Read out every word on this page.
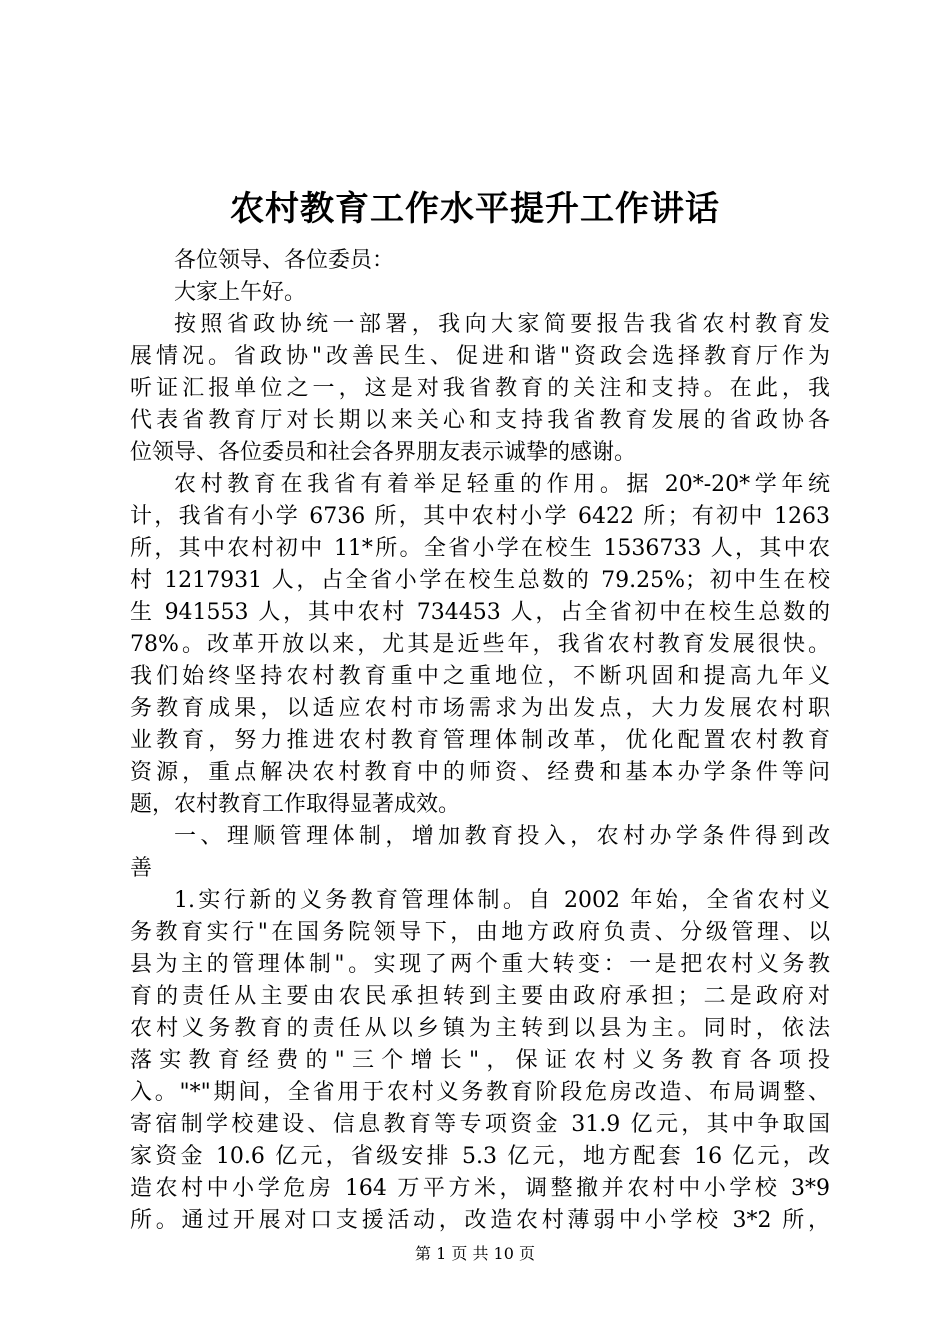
农村教育工作水平提升工作讲话
各位领导、各位委员：
大家上午好。
按照省政协统一部署，我向大家简要报告我省农村教育发
展情况。省政协"改善民生、促进和谐"资政会选择教育厅作为
听证汇报单位之一，这是对我省教育的关注和支持。在此，我
代表省教育厅对长期以来关心和支持我省教育发展的省政协各
位领导、各位委员和社会各界朋友表示诚挚的感谢。
农村教育在我省有着举足轻重的作用。据 20*-20*学年统
计，我省有小学 6736 所，其中农村小学 6422 所；有初中 1263
所，其中农村初中 11*所。全省小学在校生 1536733 人，其中农
村 1217931 人，占全省小学在校生总数的 79.25%；初中生在校
生 941553 人，其中农村 734453 人，占全省初中在校生总数的
78%。改革开放以来，尤其是近些年，我省农村教育发展很快。
我们始终坚持农村教育重中之重地位，不断巩固和提高九年义
务教育成果，以适应农村市场需求为出发点，大力发展农村职
业教育，努力推进农村教育管理体制改革，优化配置农村教育
资源，重点解决农村教育中的师资、经费和基本办学条件等问
题，农村教育工作取得显著成效。
一、理顺管理体制，增加教育投入，农村办学条件得到改
善
1.实行新的义务教育管理体制。自 2002 年始，全省农村义
务教育实行"在国务院领导下，由地方政府负责、分级管理、以
县为主的管理体制"。实现了两个重大转变：一是把农村义务教
育的责任从主要由农民承担转到主要由政府承担；二是政府对
农村义务教育的责任从以乡镇为主转到以县为主。同时，依法
落实教育经费的"三个增长"，保证农村义务教育各项投
入。"*"期间，全省用于农村义务教育阶段危房改造、布局调整、
寄宿制学校建设、信息教育等专项资金 31.9 亿元，其中争取国
家资金 10.6 亿元，省级安排 5.3 亿元，地方配套 16 亿元，改
造农村中小学危房 164 万平方米，调整撤并农村中小学校 3*9
所。通过开展对口支援活动，改造农村薄弱中小学校 3*2 所，
第 1 页 共 10 页
